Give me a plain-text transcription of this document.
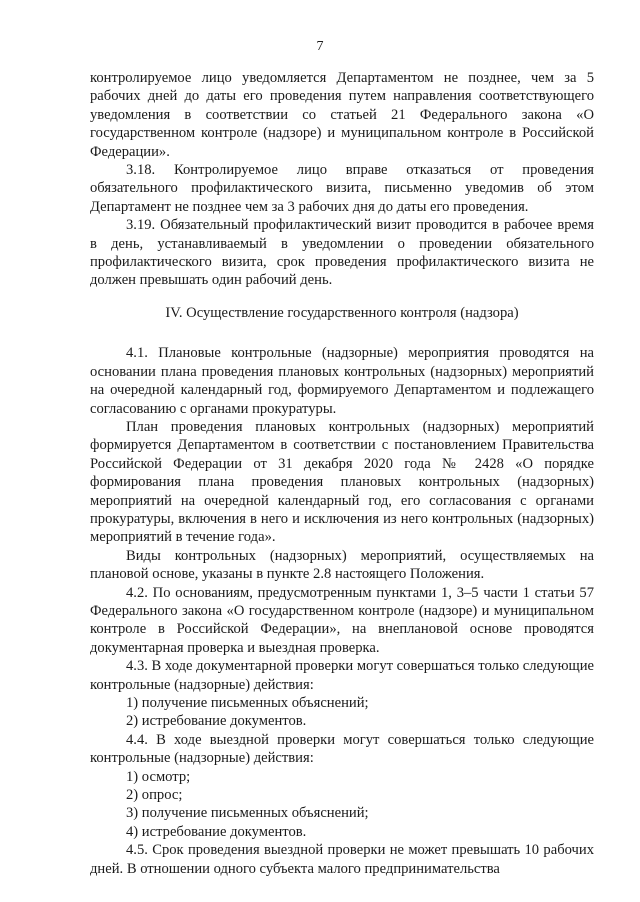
7

контролируемое лицо уведомляется Департаментом не позднее, чем за 5 рабочих дней до даты его проведения путем направления соответствующего уведомления в соответствии со статьей 21 Федерального закона «О государственном контроле (надзоре) и муниципальном контроле в Российской Федерации».

3.18. Контролируемое лицо вправе отказаться от проведения обязательного профилактического визита, письменно уведомив об этом Департамент не позднее чем за 3 рабочих дня до даты его проведения.

3.19. Обязательный профилактический визит проводится в рабочее время в день, устанавливаемый в уведомлении о проведении обязательного профилактического визита, срок проведения профилактического визита не должен превышать один рабочий день.

IV. Осуществление государственного контроля (надзора)

4.1. Плановые контрольные (надзорные) мероприятия проводятся на основании плана проведения плановых контрольных (надзорных) мероприятий на очередной календарный год, формируемого Департаментом и подлежащего согласованию с органами прокуратуры.

План проведения плановых контрольных (надзорных) мероприятий формируется Департаментом в соответствии с постановлением Правительства Российской Федерации от 31 декабря 2020 года № 2428 «О порядке формирования плана проведения плановых контрольных (надзорных) мероприятий на очередной календарный год, его согласования с органами прокуратуры, включения в него и исключения из него контрольных (надзорных) мероприятий в течение года».

Виды контрольных (надзорных) мероприятий, осуществляемых на плановой основе, указаны в пункте 2.8 настоящего Положения.

4.2. По основаниям, предусмотренным пунктами 1, 3–5 части 1 статьи 57 Федерального закона «О государственном контроле (надзоре) и муниципальном контроле в Российской Федерации», на внеплановой основе проводятся документарная проверка и выездная проверка.

4.3. В ходе документарной проверки могут совершаться только следующие контрольные (надзорные) действия:

1) получение письменных объяснений;

2) истребование документов.

4.4. В ходе выездной проверки могут совершаться только следующие контрольные (надзорные) действия:

1) осмотр;

2) опрос;

3) получение письменных объяснений;

4) истребование документов.

4.5. Срок проведения выездной проверки не может превышать 10 рабочих дней. В отношении одного субъекта малого предпринимательства
